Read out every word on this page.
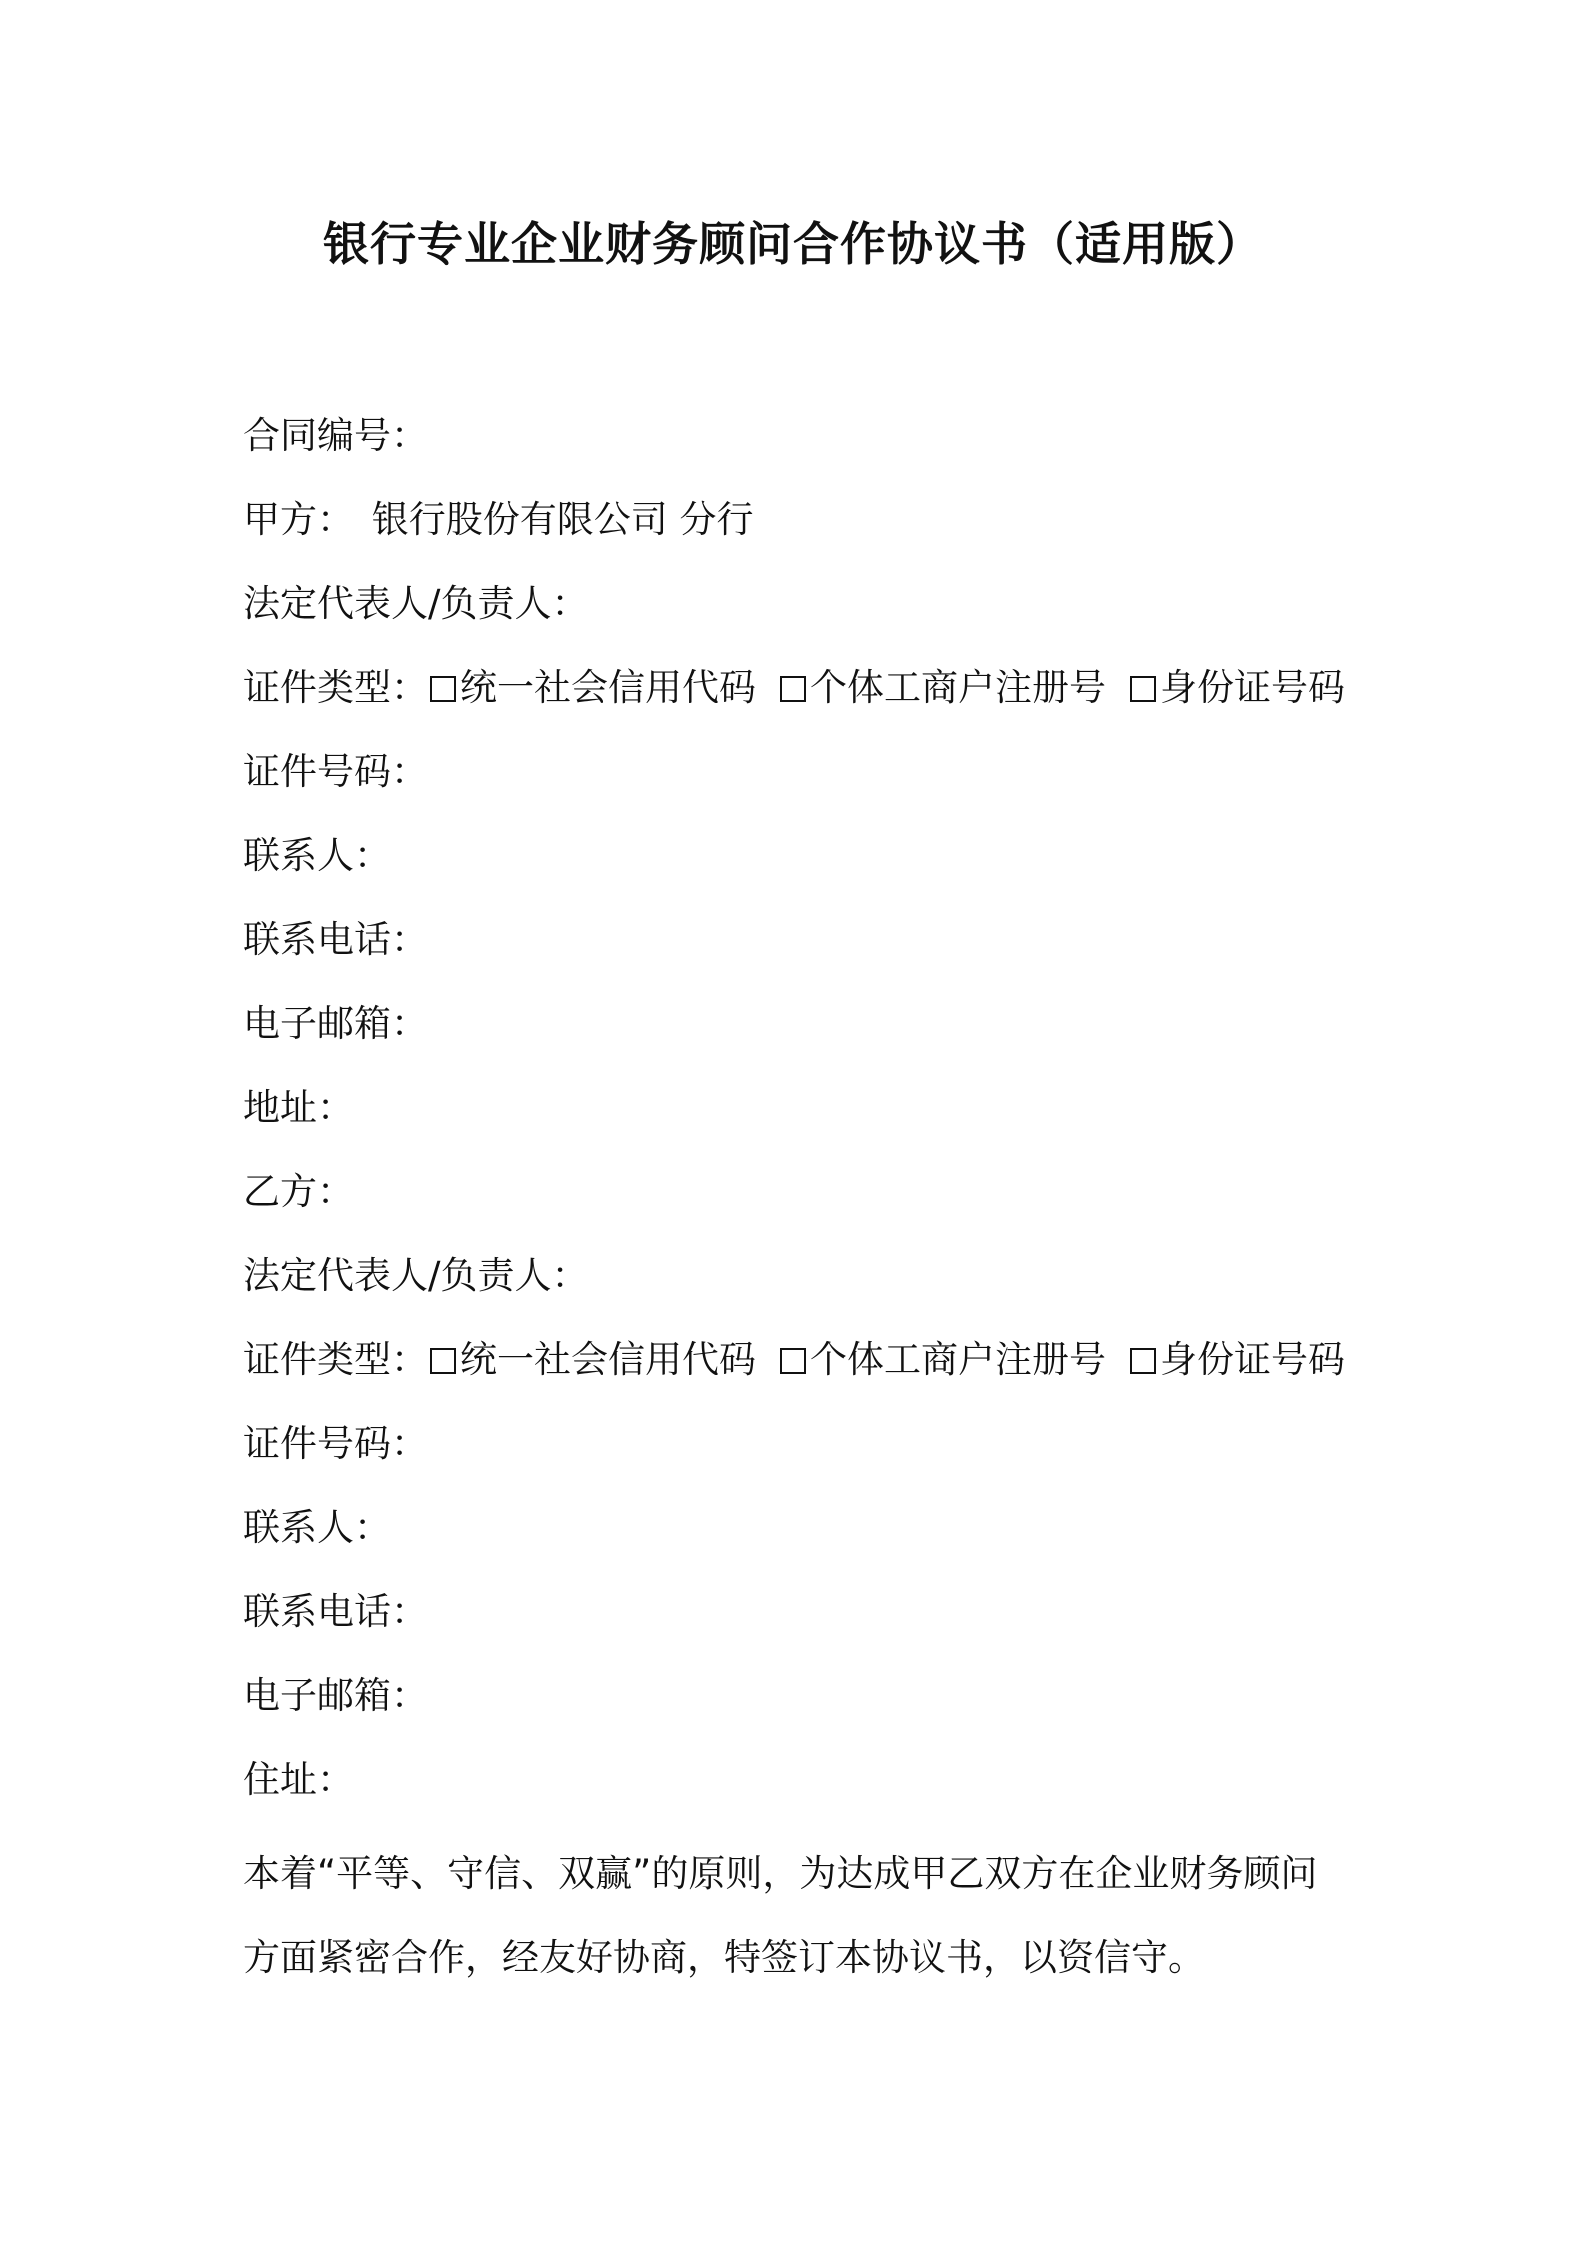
银行专业企业财务顾问合作协议书（适用版）
合同编号：
甲方： 银行股份有限公司 分行
法定代表人/负责人：
证件类型： 统一社会信用代码 个体工商户注册号 身份证号码
证件号码：
联系人：
联系电话：
电子邮箱：
地址：
乙方：
法定代表人/负责人：
证件类型： 统一社会信用代码 个体工商户注册号 身份证号码
证件号码：
联系人：
联系电话：
电子邮箱：
住址：
本着“平等、守信、双赢”的原则，为达成甲乙双方在企业财务顾问
方面紧密合作，经友好协商，特签订本协议书，以资信守。
